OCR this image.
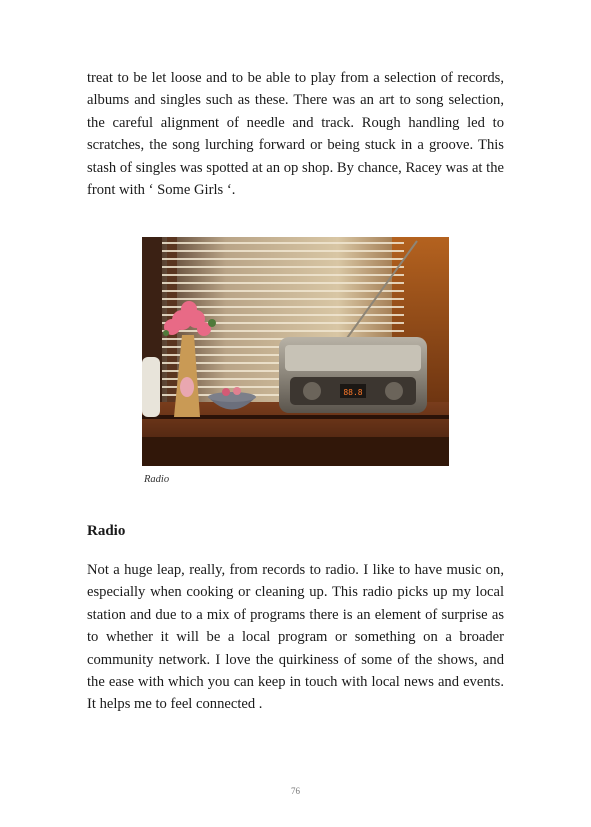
treat to be let loose and to be able to play from a selection of records, albums and singles such as these. There was an art to song selection, the careful alignment of needle and track. Rough handling led to scratches, the song lurching forward or being stuck in a groove. This stash of singles was spotted at an op shop. By chance, Racey was at the front with ‘ Some Girls ‘.

88.8
Radio
Radio

Not a huge leap, really, from records to radio. I like to have music on, especially when cooking or cleaning up. This radio picks up my local station and due to a mix of programs there is an element of surprise as to whether it will be a local program or something on a broader community network. I love the quirkiness of some of the shows, and the ease with which you can keep in touch with local news and events. It helps me to feel connected .

76
